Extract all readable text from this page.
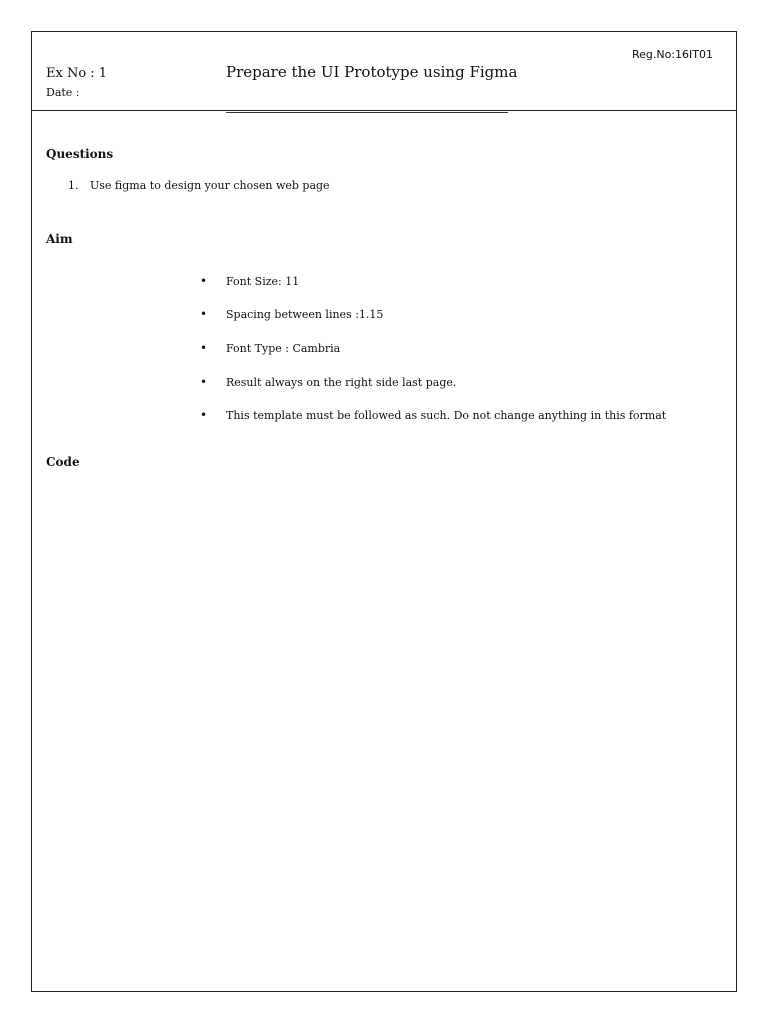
Reg.No:16IT01
Ex No : 1
Date :
Prepare the UI Prototype using Figma
Questions
1. Use figma to design your chosen web page
Aim
• Font Size: 11
• Spacing between lines :1.15
• Font Type : Cambria
• Result always on the right side last page.
• This template must be followed as such. Do not change anything in this format
Code
